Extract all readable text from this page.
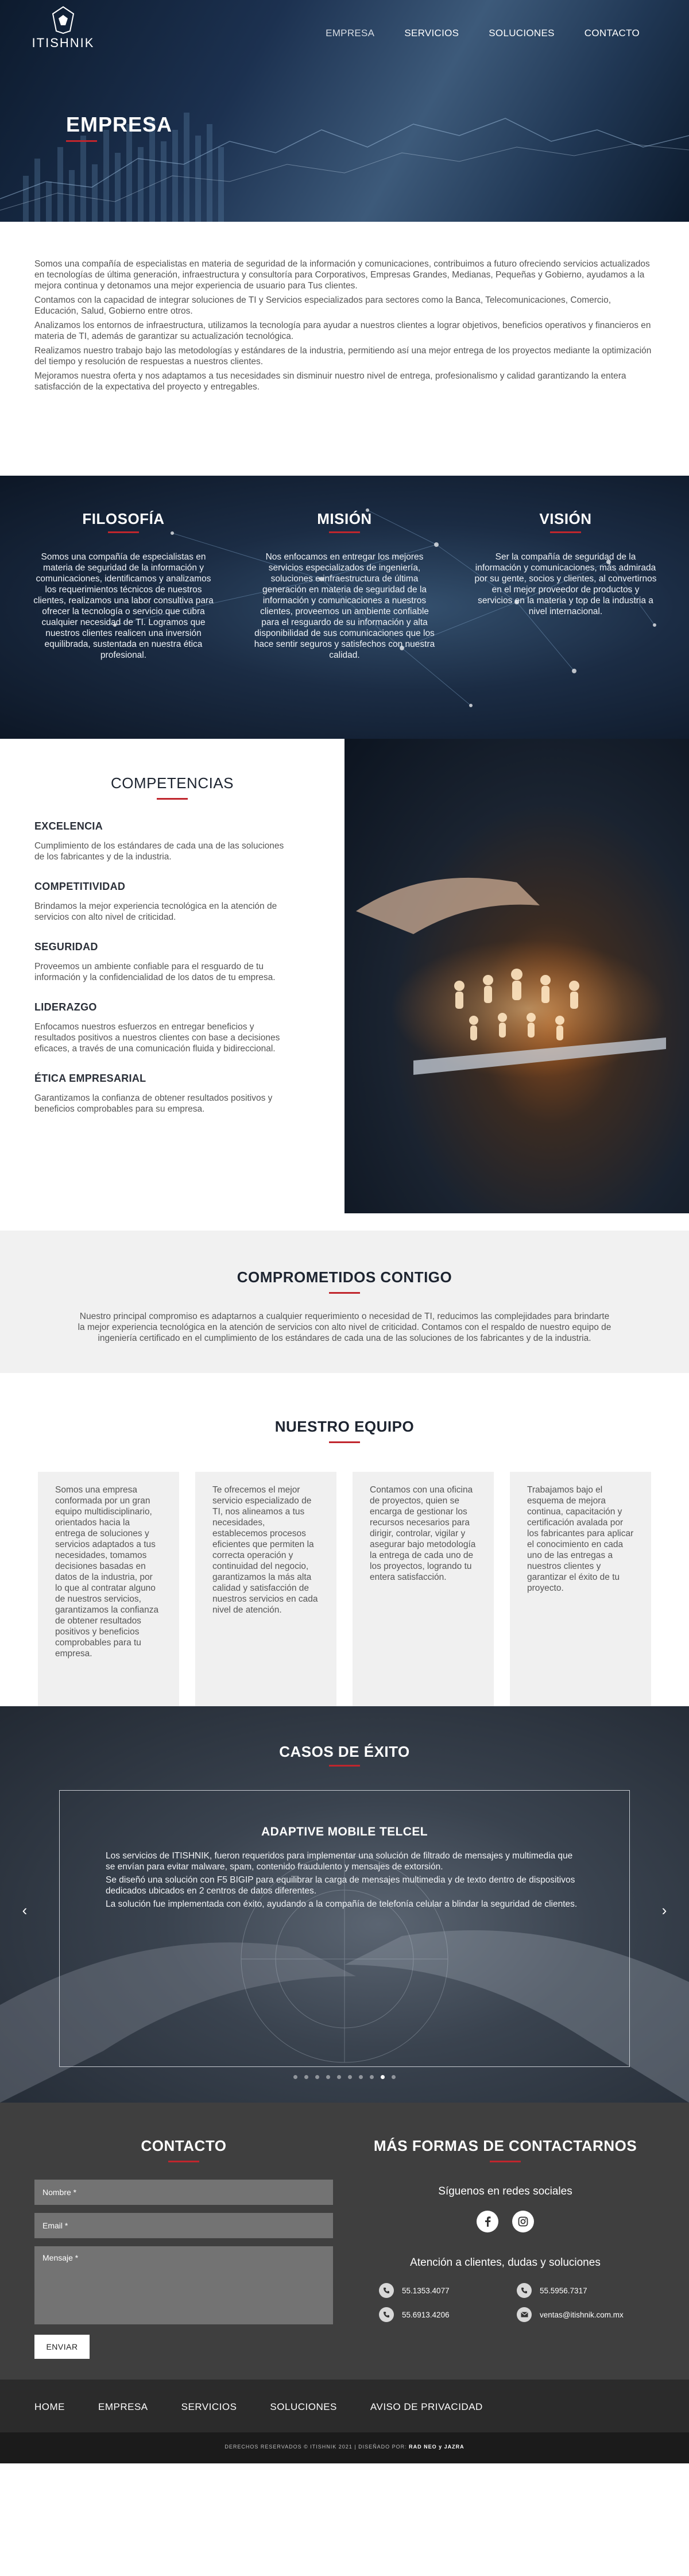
ITISHNIK
EMPRESA	SERVICIOS	SOLUCIONES	CONTACTO
EMPRESA

Somos una compañía de especialistas en materia de seguridad de la información y comunicaciones, contribuimos a futuro ofreciendo servicios actualizados en tecnologías de última generación, infraestructura y consultoría para Corporativos, Empresas Grandes, Medianas, Pequeñas y Gobierno, ayudamos a la mejora continua y detonamos una mejor experiencia de usuario para Tus clientes.

Contamos con la capacidad de integrar soluciones de TI y Servicios especializados para sectores como la Banca, Telecomunicaciones, Comercio, Educación, Salud, Gobierno entre otros.

Analizamos los entornos de infraestructura, utilizamos la tecnología para ayudar a nuestros clientes a lograr objetivos, beneficios operativos y financieros en materia de TI, además de garantizar su actualización tecnológica.

Realizamos nuestro trabajo bajo las metodologías y estándares de la industria, permitiendo así una mejor entrega de los proyectos mediante la optimización del tiempo y resolución de respuestas a nuestros clientes.

Mejoramos nuestra oferta y nos adaptamos a tus necesidades sin disminuir nuestro nivel de entrega, profesionalismo y calidad garantizando la entera satisfacción de la expectativa del proyecto y entregables.

FILOSOFÍA

Somos una compañía de especialistas en materia de seguridad de la información y comunicaciones, identificamos y analizamos los requerimientos técnicos de nuestros clientes, realizamos una labor consultiva para ofrecer la tecnología o servicio que cubra cualquier necesidad de TI. Logramos que nuestros clientes realicen una inversión equilibrada, sustentada en nuestra ética profesional.

MISIÓN

Nos enfocamos en entregar los mejores servicios especializados de ingeniería, soluciones e infraestructura de última generación en materia de seguridad de la información y comunicaciones a nuestros clientes, proveemos un ambiente confiable para el resguardo de su información y alta disponibilidad de sus comunicaciones que los hace sentir seguros y satisfechos con nuestra calidad.

VISIÓN

Ser la compañía de seguridad de la información y comunicaciones, más admirada por su gente, socios y clientes, al convertirnos en el mejor proveedor de productos y servicios en la materia y top de la industria a nivel internacional.

COMPETENCIAS
EXCELENCIA

Cumplimiento de los estándares de cada una de las soluciones de los fabricantes y de la industria.

COMPETITIVIDAD

Brindamos la mejor experiencia tecnológica en la atención de servicios con alto nivel de criticidad.

SEGURIDAD

Proveemos un ambiente confiable para el resguardo de tu información y la confidencialidad de los datos de tu empresa.

LIDERAZGO

Enfocamos nuestros esfuerzos en entregar beneficios y resultados positivos a nuestros clientes con base a decisiones eficaces, a través de una comunicación fluida y bidireccional.

ÉTICA EMPRESARIAL

Garantizamos la confianza de obtener resultados positivos y beneficios comprobables para su empresa.

COMPROMETIDOS CONTIGO

Nuestro principal compromiso es adaptarnos a cualquier requerimiento o necesidad de TI, reducimos las complejidades para brindarte la mejor experiencia tecnológica en la atención de servicios con alto nivel de criticidad. Contamos con el respaldo de nuestro equipo de ingeniería certificado en el cumplimiento de los estándares de cada una de las soluciones de los fabricantes y de la industria.

NUESTRO EQUIPO

Somos una empresa conformada por un gran equipo multidisciplinario, orientados hacia la entrega de soluciones y servicios adaptados a tus necesidades, tomamos decisiones basadas en datos de la industria, por lo que al contratar alguno de nuestros servicios, garantizamos la confianza de obtener resultados positivos y beneficios comprobables para tu empresa.

Te ofrecemos el mejor servicio especializado de TI, nos alineamos a tus necesidades, establecemos procesos eficientes que permiten la correcta operación y continuidad del negocio, garantizamos la más alta calidad y satisfacción de nuestros servicios en cada nivel de atención.

Contamos con una oficina de proyectos, quien se encarga de gestionar los recursos necesarios para dirigir, controlar, vigilar y asegurar bajo metodología la entrega de cada uno de los proyectos, logrando tu entera satisfacción.

Trabajamos bajo el esquema de mejora continua, capacitación y certificación avalada por los fabricantes para aplicar el conocimiento en cada uno de las entregas a nuestros clientes y garantizar el éxito de tu proyecto.

CASOS DE ÉXITO
ADAPTIVE MOBILE TELCEL

Los servicios de ITISHNIK, fueron requeridos para implementar una solución de filtrado de mensajes y multimedia que se envían para evitar malware, spam, contenido fraudulento y mensajes de extorsión.

Se diseñó una solución con F5 BIGIP para equilibrar la carga de mensajes multimedia y de texto dentro de dispositivos dedicados ubicados en 2 centros de datos diferentes.

La solución fue implementada con éxito, ayudando a la compañía de telefonía celular a blindar la seguridad de clientes.

‹	›
CONTACTO
Nombre *
Email *
Mensaje * ENVIAR
MÁS FORMAS DE CONTACTARNOS
Síguenos en redes sociales
Atención a clientes, dudas y soluciones
55.1353.4077	55.5956.7317
55.6913.4206	ventas@itishnik.com.mx
HOME	EMPRESA	SERVICIOS	SOLUCIONES	AVISO DE PRIVACIDAD
DERECHOS RESERVADOS © ITISHNIK 2021 | DISEÑADO POR: RAD NEO y JAZRA
